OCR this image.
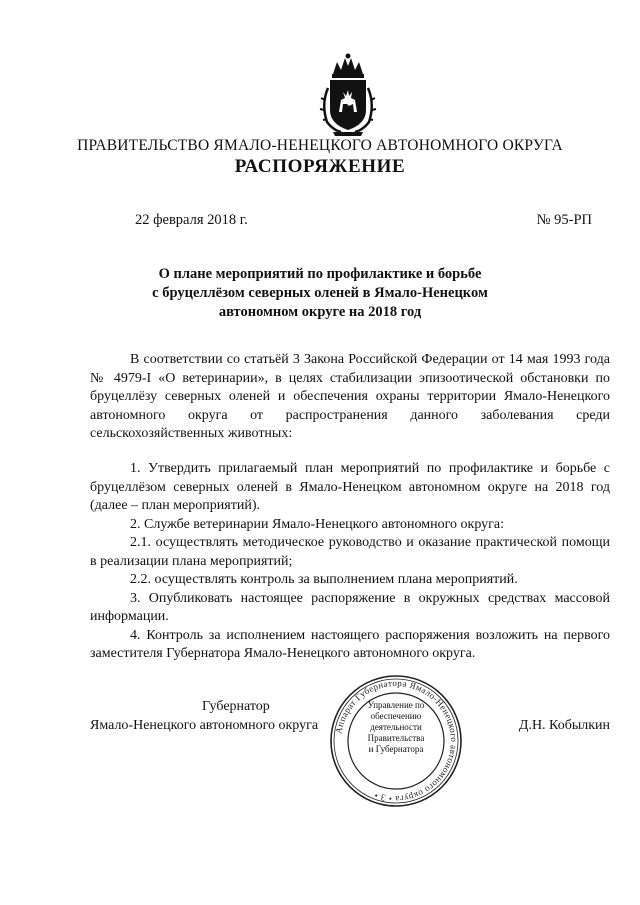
ПРАВИТЕЛЬСТВО ЯМАЛО-НЕНЕЦКОГО АВТОНОМНОГО ОКРУГА
РАСПОРЯЖЕНИЕ
22 февраля 2018 г.	№ 95-РП
О плане мероприятий по профилактике и борьбе
с бруцеллёзом северных оленей в Ямало-Ненецком
автономном округе на 2018 год
В соответствии со статьёй 3 Закона Российской Федерации от 14 мая 1993 года № 4979-I «О ветеринарии», в целях стабилизации эпизоотической обстановки по бруцеллёзу северных оленей и обеспечения охраны территории Ямало-Ненецкого автономного округа от распространения данного заболевания среди сельскохозяйственных животных:
1. Утвердить прилагаемый план мероприятий по профилактике и борьбе с бруцеллёзом северных оленей в Ямало-Ненецком автономном округе на 2018 год (далее – план мероприятий).
2. Службе ветеринарии Ямало-Ненецкого автономного округа:
2.1. осуществлять методическое руководство и оказание практической помощи в реализации плана мероприятий;
2.2. осуществлять контроль за выполнением плана мероприятий.
3. Опубликовать настоящее распоряжение в окружных средствах массовой информации.
4. Контроль за исполнением настоящего распоряжения возложить на первого заместителя Губернатора Ямало-Ненецкого автономного округа.
Аппарат Губернатора Ямало-Ненецкого автономного округа • 3 •
Управление по
обеспечению
деятельности
Правительства
и Губернатора
Губернатор
Ямало-Ненецкого автономного округа	Д.Н. Кобылкин
